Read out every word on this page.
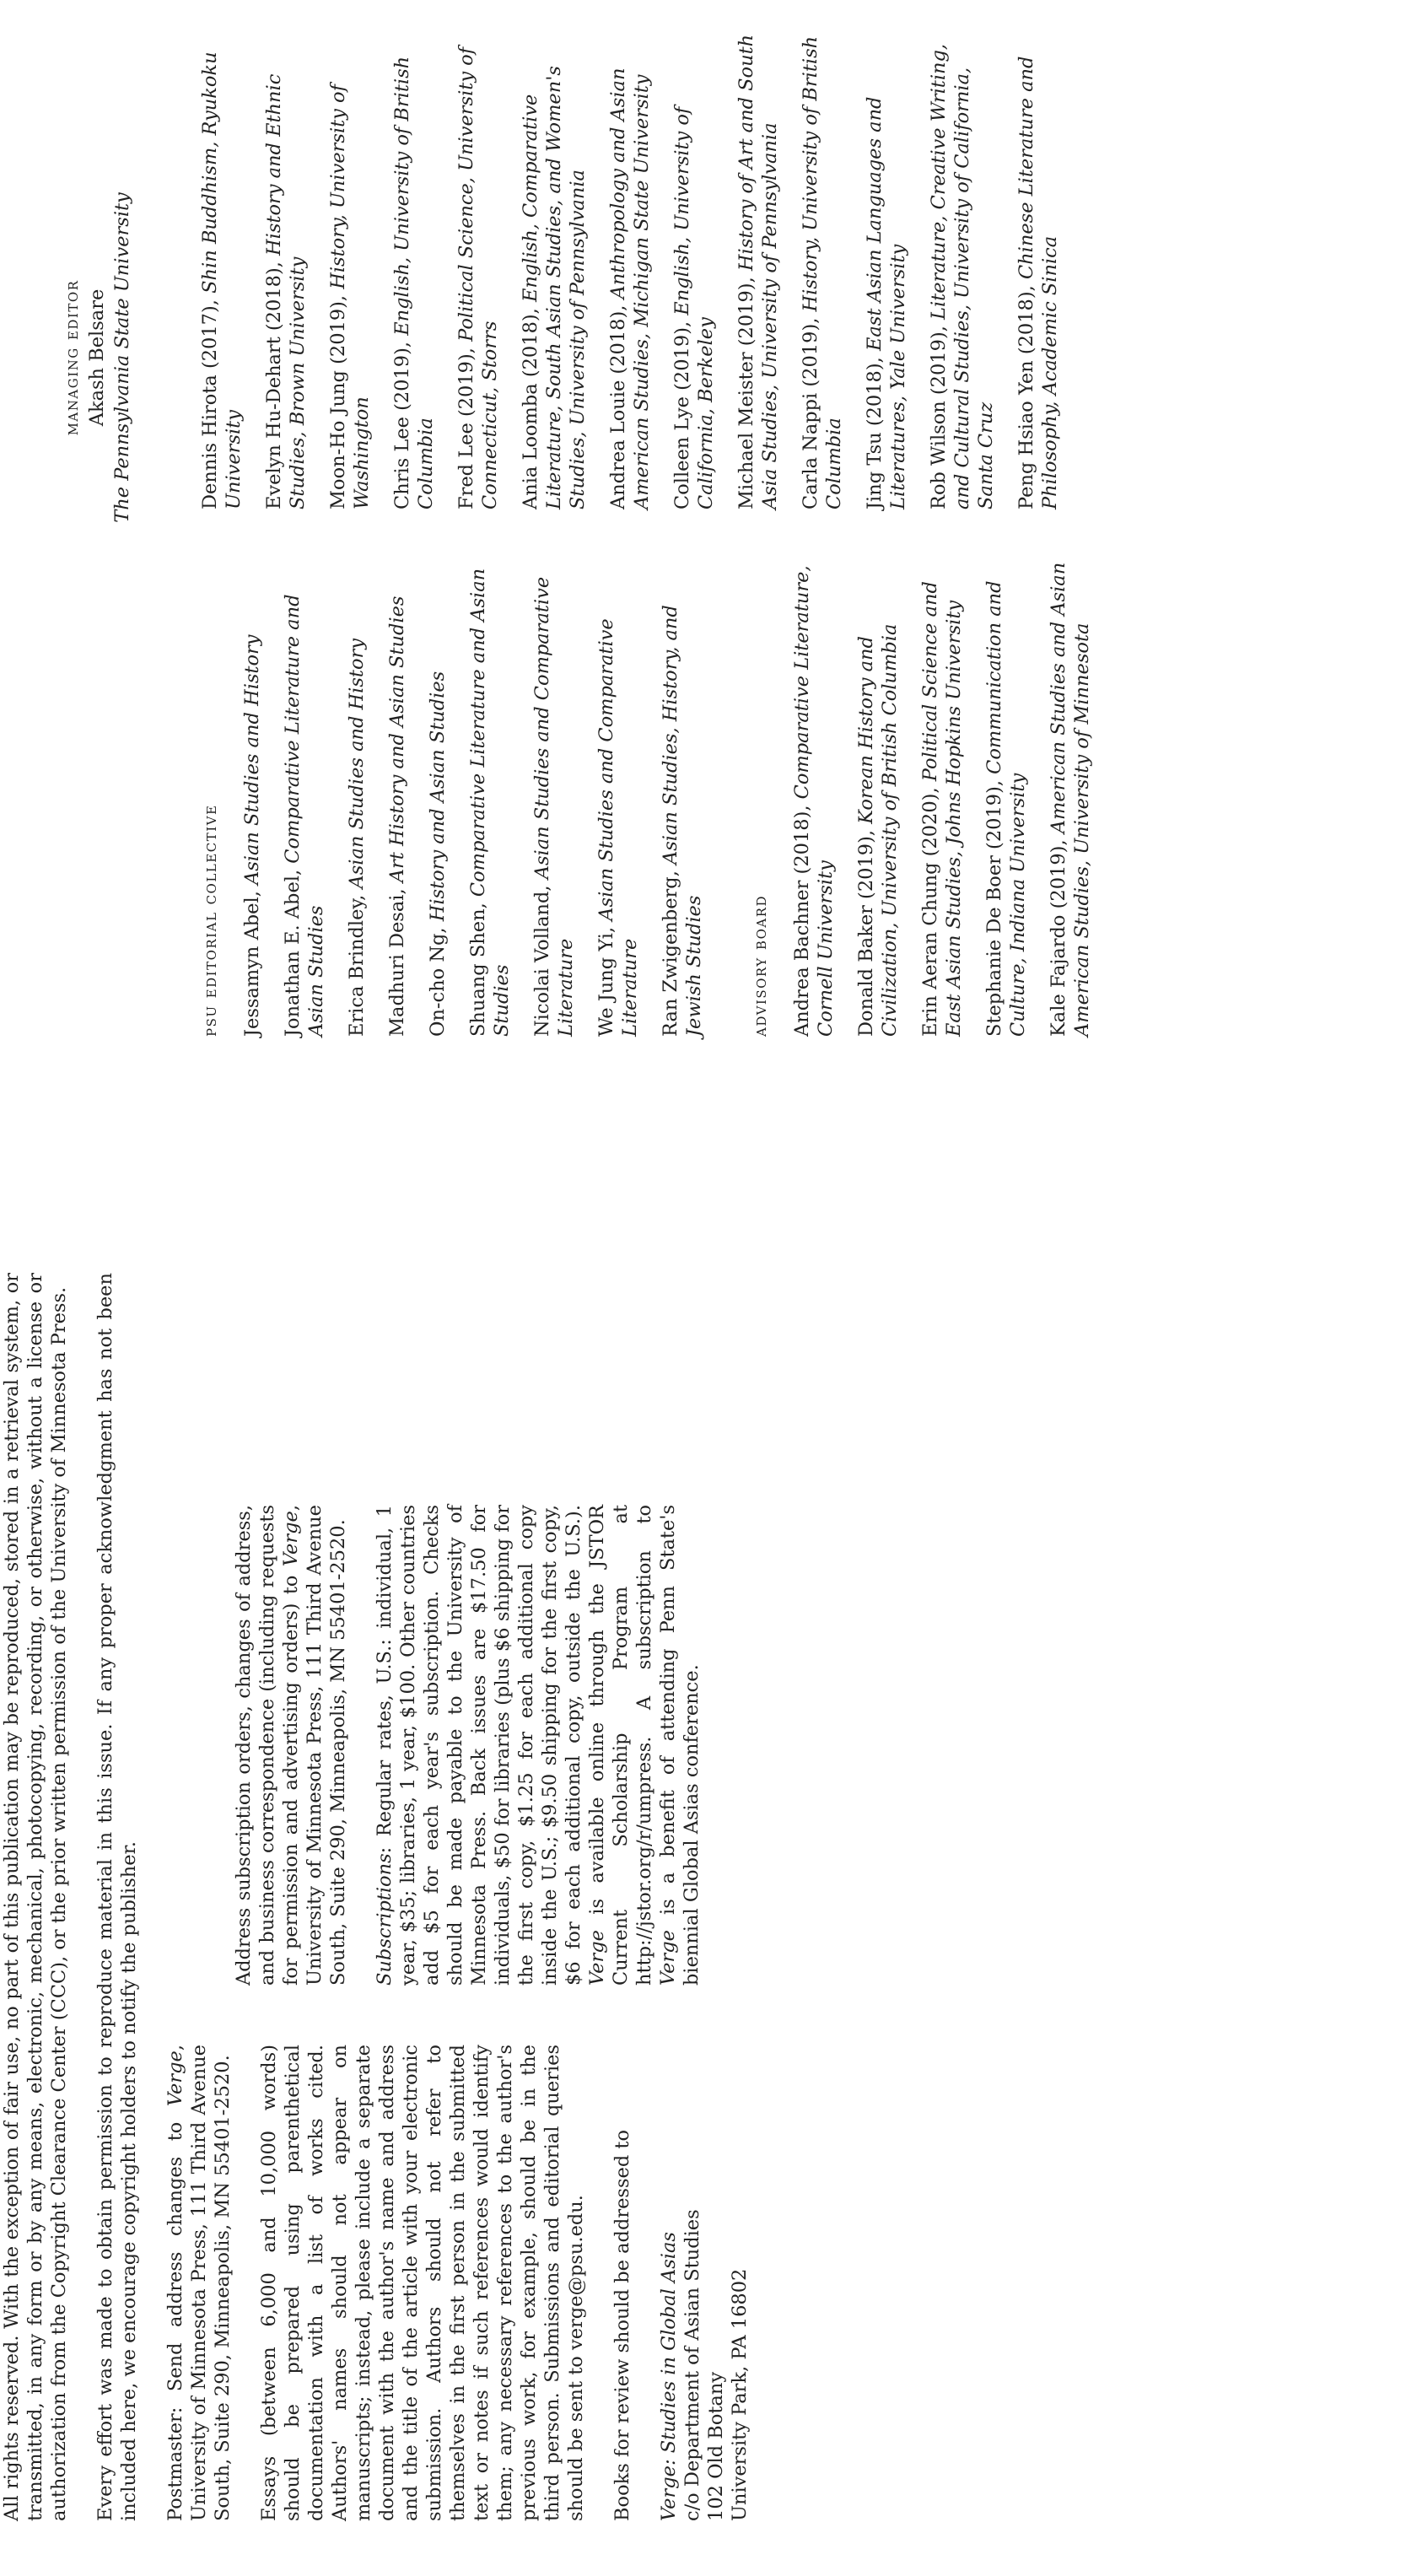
All rights reserved. With the exception of fair use, no part of this publication may be reproduced, stored in a retrieval system, or transmitted, in any form or by any means, electronic, mechanical, photocopying, recording, or otherwise, without a license or authorization from the Copyright Clearance Center (CCC), or the prior written permission of the University of Minnesota Press. Every effort was made to obtain permission to reproduce material in this issue. If any proper acknowledgment has not been included here, we encourage copyright holders to notify the publisher. Postmaster: Send address changes to Verge, University of Minnesota Press, 111 Third Avenue South, Suite 290, Minneapolis, MN 55401-2520. Essays (between 6,000 and 10,000 words) should be prepared using parenthetical documentation with a list of works cited. Authors' names should not appear on manuscripts; instead, please include a separate document with the author's name and address and the title of the article with your electronic submission. Authors should not refer to themselves in the first person in the submitted text or notes if such references would identify them; any necessary references to the author's previous work, for example, should be in the third person. Submissions and editorial queries should be sent to verge@psu.edu. Books for review should be addressed to Verge: Studies in Global Asias c/o Department of Asian Studies 102 Old Botany University Park, PA 16802

Address subscription orders, changes of address, and business correspondence (including requests for permission and advertising orders) to Verge, University of Minnesota Press, 111 Third Avenue South, Suite 290, Minneapolis, MN 55401-2520. Subscriptions: Regular rates, U.S.: individual, 1 year, $35; libraries, 1 year, $100. Other countries add $5 for each year's subscription. Checks should be made payable to the University of Minnesota Press. Back issues are $17.50 for individuals, $50 for libraries (plus $6 shipping for the first copy, $1.25 for each additional copy inside the U.S.; $9.50 shipping for the first copy, $6 for each additional copy, outside the U.S.). Verge is available online through the JSTOR Current Scholarship Program at http://jstor.org/r/umpress. A subscription to Verge is a benefit of attending Penn State's biennial Global Asias conference.

managing editor Akash Belsare The Pennsylvania State University
psu editorial collective Jessamyn Abel, Asian Studies and History
Jonathan E. Abel, Comparative Literature and Asian Studies Erica Brindley, Asian Studies and History
Madhuri Desai, Art History and Asian Studies
On-cho Ng, History and Asian Studies
Shuang Shen, Comparative Literature and Asian Studies Nicolai Volland, Asian Studies and Comparative Literature We Jung Yi, Asian Studies and Comparative Literature Ran Zwigenberg, Asian Studies, History, and Jewish Studies	advisory board Andrea Bachner (2018), Comparative Literature, Cornell University Donald Baker (2019), Korean History and Civilization, University of British Columbia Erin Aeran Chung (2020), Political Science and East Asian Studies, Johns Hopkins University Stephanie De Boer (2019), Communication and Culture, Indiana University Kale Fajardo (2019), American Studies and Asian American Studies, University of Minnesota
Dennis Hirota (2017), Shin Buddhism, Ryukoku University Evelyn Hu-Dehart (2018), History and Ethnic Studies, Brown University Moon-Ho Jung (2019), History, University of Washington Chris Lee (2019), English, University of British Columbia Fred Lee (2019), Political Science, University of Connecticut, Storrs Ania Loomba (2018), English, Comparative Literature, South Asian Studies, and Women's Studies, University of Pennsylvania Andrea Louie (2018), Anthropology and Asian American Studies, Michigan State University Colleen Lye (2019), English, University of California, Berkeley Michael Meister (2019), History of Art and South Asia Studies, University of Pennsylvania Carla Nappi (2019), History, University of British Columbia Jing Tsu (2018), East Asian Languages and Literatures, Yale University Rob Wilson (2019), Literature, Creative Writing, and Cultural Studies, University of California, Santa Cruz Peng Hsiao Yen (2018), Chinese Literature and Philosophy, Academic Sinica
